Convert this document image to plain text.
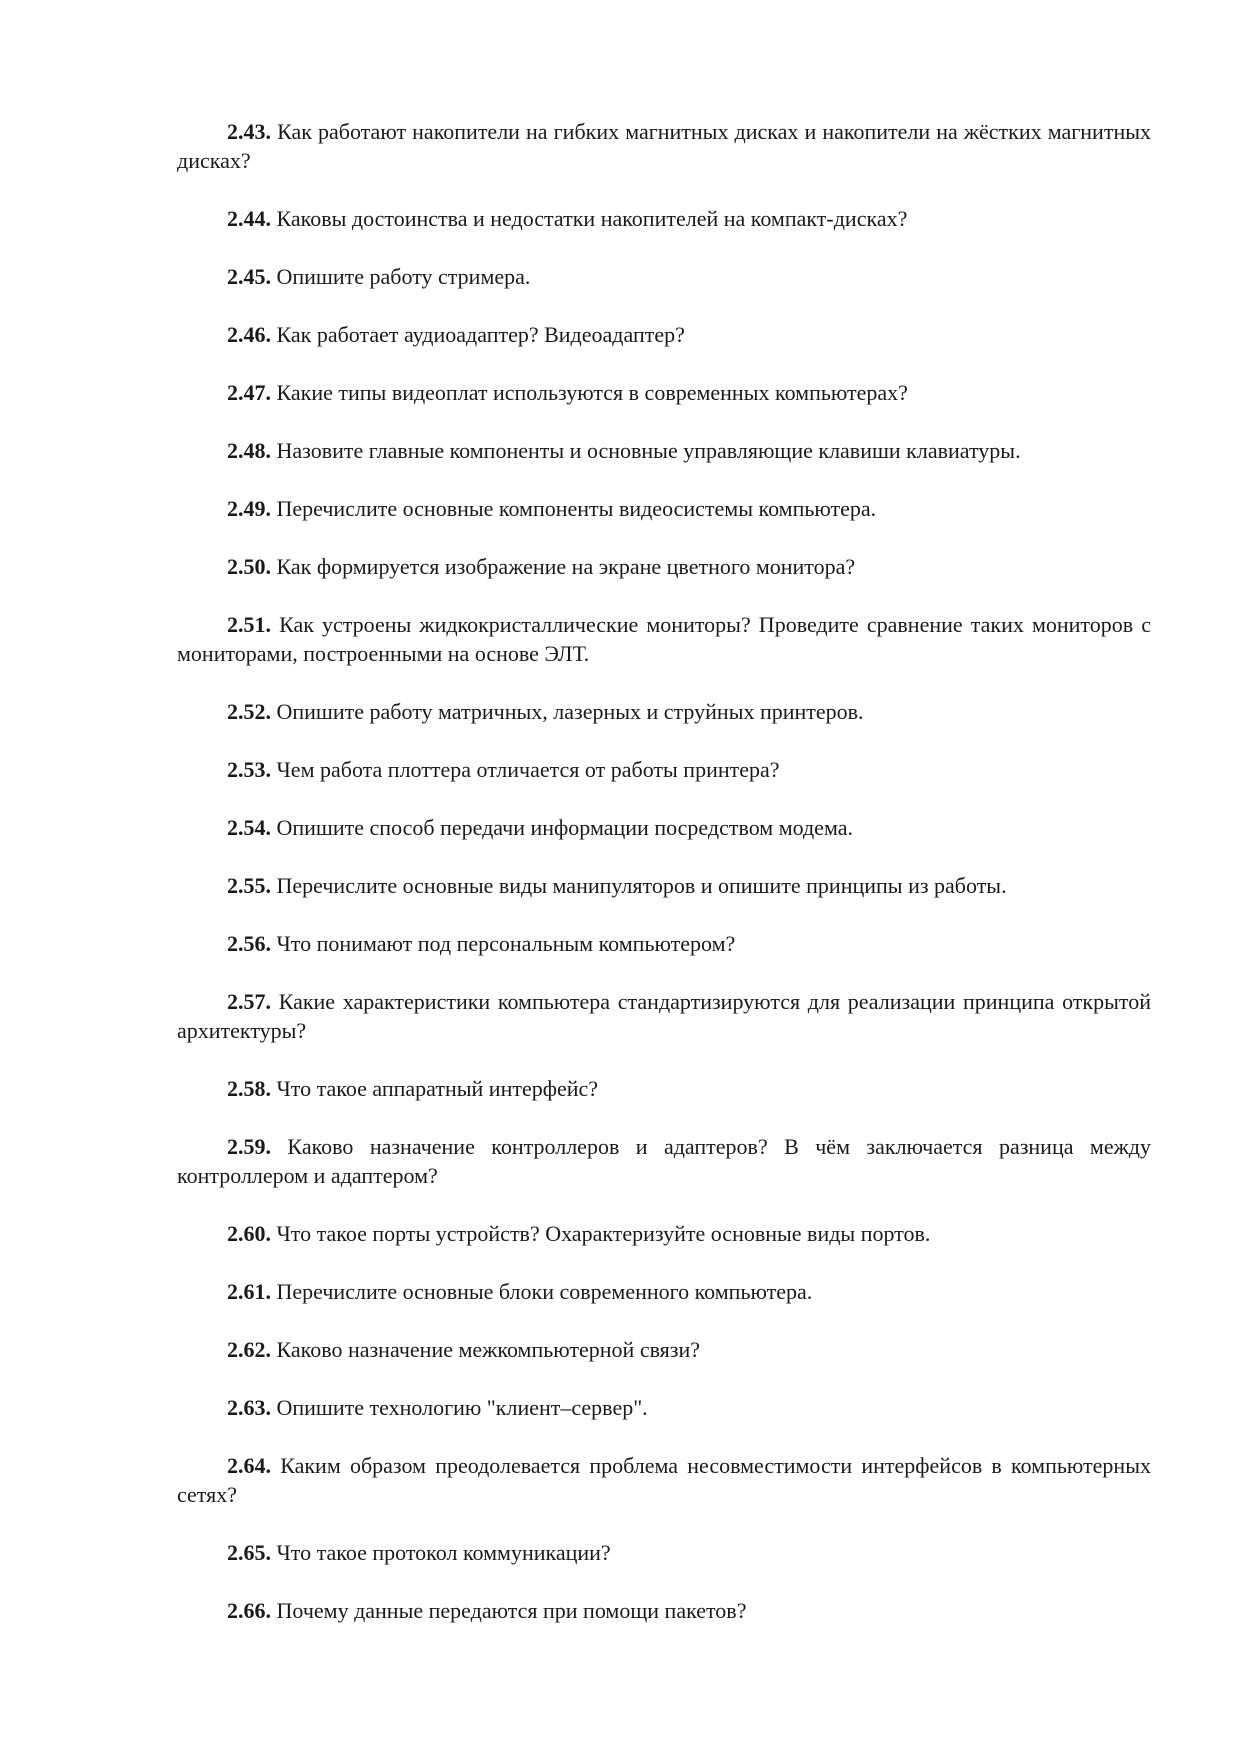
2.43. Как работают накопители на гибких магнитных дисках и накопители на жёстких магнитных дисках?

2.44. Каковы достоинства и недостатки накопителей на компакт-дисках?

2.45. Опишите работу стримера.

2.46. Как работает аудиоадаптер? Видеоадаптер?

2.47. Какие типы видеоплат используются в современных компьютерах?

2.48. Назовите главные компоненты и основные управляющие клавиши клавиатуры.

2.49. Перечислите основные компоненты видеосистемы компьютера.

2.50. Как формируется изображение на экране цветного монитора?

2.51. Как устроены жидкокристаллические мониторы? Проведите сравнение таких мониторов с мониторами, построенными на основе ЭЛТ.

2.52. Опишите работу матричных, лазерных и струйных принтеров.

2.53. Чем работа плоттера отличается от работы принтера?

2.54. Опишите способ передачи информации посредством модема.

2.55. Перечислите основные виды манипуляторов и опишите принципы из работы.

2.56. Что понимают под персональным компьютером?

2.57. Какие характеристики компьютера стандартизируются для реализации принципа открытой архитектуры?

2.58. Что такое аппаратный интерфейс?

2.59. Каково назначение контроллеров и адаптеров? В чём заключается разница между контроллером и адаптером?

2.60. Что такое порты устройств? Охарактеризуйте основные виды портов.

2.61. Перечислите основные блоки современного компьютера.

2.62. Каково назначение межкомпьютерной связи?

2.63. Опишите технологию "клиент–сервер".

2.64. Каким образом преодолевается проблема несовместимости интерфейсов в компьютерных сетях?

2.65. Что такое протокол коммуникации?

2.66. Почему данные передаются при помощи пакетов?
